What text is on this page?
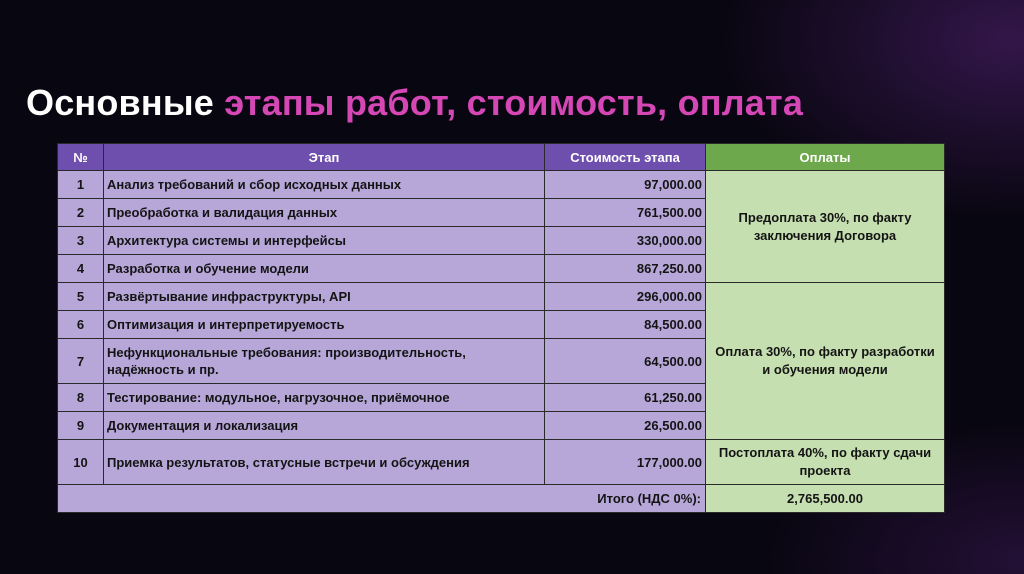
Основные этапы работ, стоимость, оплата
№	Этап	Стоимость этапа	Оплаты
1	Анализ требований и сбор исходных данных	97,000.00	Предоплата 30%, по факту заключения Договора
2	Преобработка и валидация данных	761,500.00	
3	Архитектура системы и интерфейсы	330,000.00	
4	Разработка и обучение модели	867,250.00	
5	Развёртывание инфраструктуры, API	296,000.00	Оплата 30%, по факту разработки и обучения модели
6	Оптимизация и интерпретируемость	84,500.00	
7	Нефункциональные требования: производительность, надёжность и пр.	64,500.00	
8	Тестирование: модульное, нагрузочное, приёмочное	61,250.00	
9	Документация и локализация	26,500.00	
10	Приемка результатов, статусные встречи и обсуждения	177,000.00	Постоплата 40%, по факту сдачи проекта
Итого (НДС 0%):			2,765,500.00
